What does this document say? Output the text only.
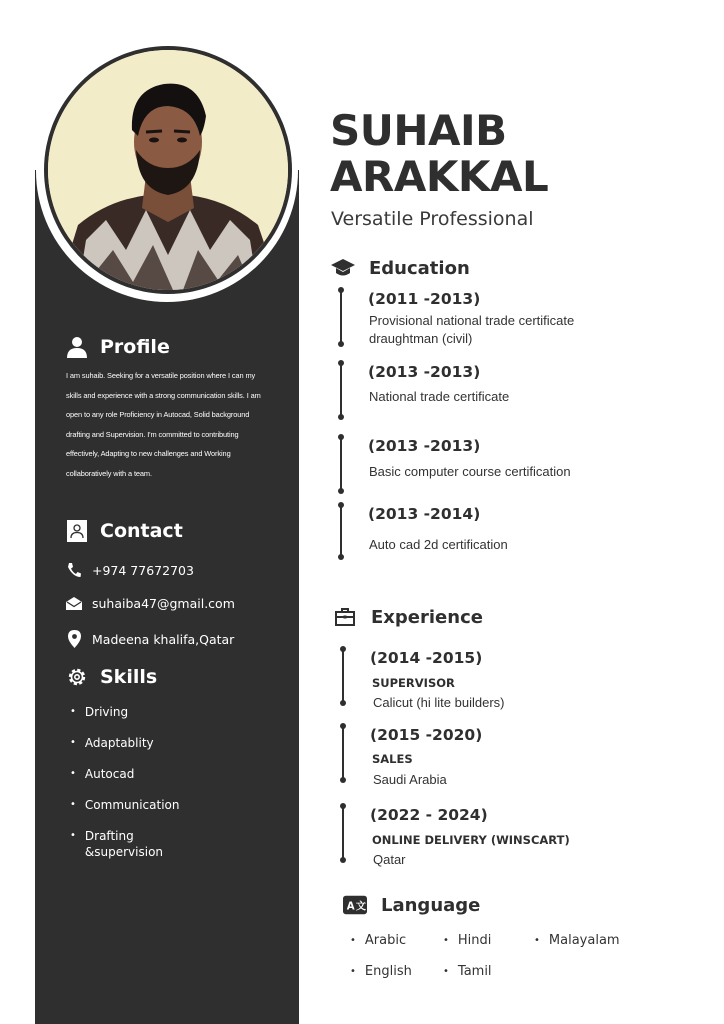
Profile

I am suhaib. Seeking for a versatile position where I can my skills and experience with a strong communication skills. I am open to any role Proficiency in Autocad, Solid background drafting and Supervision. I'm committed to contributing effectively, Adapting to new challenges and Working collaboratively with a team.

Contact
+974 77672703
suhaiba47@gmail.com
Madeena khalifa,Qatar
Skills
• Driving
• Adaptablity
• Autocad
• Communication
• Drafting
&supervision
SUHAIB
ARAKKAL
Versatile Professional
Education
(2011 -2013)
Provisional national trade certificate
draughtman (civil)
(2013 -2013)
National trade certificate
(2013 -2013)
Basic computer course certification
(2013 -2014)
Auto cad 2d certification
Experience
(2014 -2015)
SUPERVISOR
Calicut (hi lite builders)
(2015 -2020)
SALES
Saudi Arabia
(2022 - 2024)
ONLINE DELIVERY (WINSCART)
Qatar
A 文 Language
• Arabic	• Hindi	• Malayalam
• English	• Tamil
